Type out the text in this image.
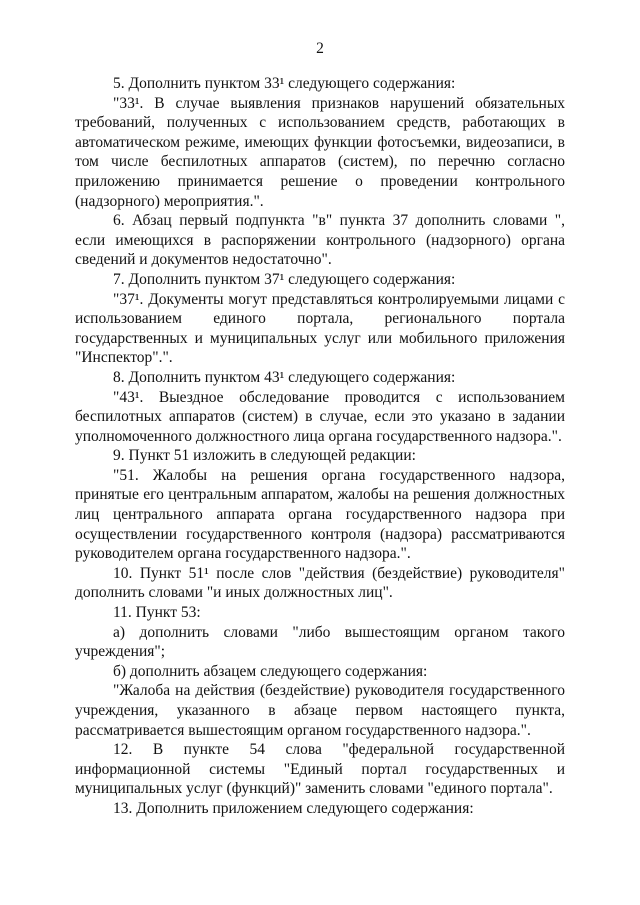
2

5. Дополнить пунктом 33¹ следующего содержания:

"33¹. В случае выявления признаков нарушений обязательных требований, полученных с использованием средств, работающих в автоматическом режиме, имеющих функции фотосъемки, видеозаписи, в том числе беспилотных аппаратов (систем), по перечню согласно приложению принимается решение о проведении контрольного (надзорного) мероприятия.".

6. Абзац первый подпункта "в" пункта 37 дополнить словами ", если имеющихся в распоряжении контрольного (надзорного) органа сведений и документов недостаточно".

7. Дополнить пунктом 37¹ следующего содержания:

"37¹. Документы могут представляться контролируемыми лицами с использованием единого портала, регионального портала государственных и муниципальных услуг или мобильного приложения "Инспектор".".

8. Дополнить пунктом 43¹ следующего содержания:

"43¹. Выездное обследование проводится с использованием беспилотных аппаратов (систем) в случае, если это указано в задании уполномоченного должностного лица органа государственного надзора.".

9. Пункт 51 изложить в следующей редакции:

"51. Жалобы на решения органа государственного надзора, принятые его центральным аппаратом, жалобы на решения должностных лиц центрального аппарата органа государственного надзора при осуществлении государственного контроля (надзора) рассматриваются руководителем органа государственного надзора.".

10. Пункт 51¹ после слов "действия (бездействие) руководителя" дополнить словами "и иных должностных лиц".

11. Пункт 53:

а) дополнить словами "либо вышестоящим органом такого учреждения";

б) дополнить абзацем следующего содержания:

"Жалоба на действия (бездействие) руководителя государственного учреждения, указанного в абзаце первом настоящего пункта, рассматривается вышестоящим органом государственного надзора.".

12. В пункте 54 слова "федеральной государственной информационной системы "Единый портал государственных и муниципальных услуг (функций)" заменить словами "единого портала".

13. Дополнить приложением следующего содержания:
